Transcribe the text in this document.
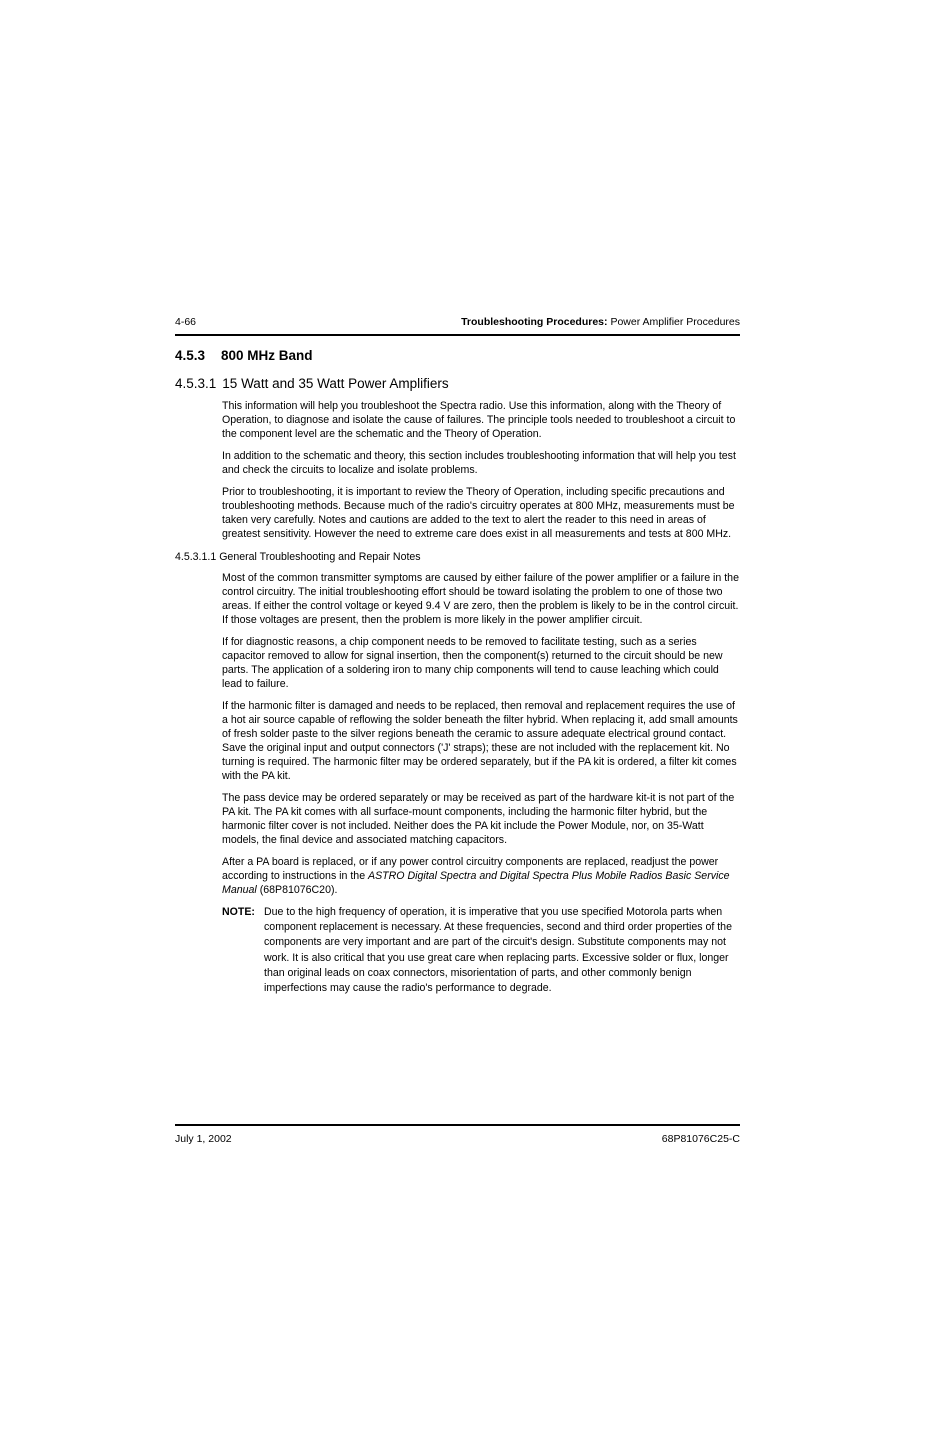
4-66	Troubleshooting Procedures: Power Amplifier Procedures
4.5.3 800 MHz Band
4.5.3.1 15 Watt and 35 Watt Power Amplifiers

This information will help you troubleshoot the Spectra radio. Use this information, along with the Theory of Operation, to diagnose and isolate the cause of failures. The principle tools needed to troubleshoot a circuit to the component level are the schematic and the Theory of Operation.

In addition to the schematic and theory, this section includes troubleshooting information that will help you test and check the circuits to localize and isolate problems.

Prior to troubleshooting, it is important to review the Theory of Operation, including specific precautions and troubleshooting methods. Because much of the radio's circuitry operates at 800 MHz, measurements must be taken very carefully. Notes and cautions are added to the text to alert the reader to this need in areas of greatest sensitivity. However the need to extreme care does exist in all measurements and tests at 800 MHz.

4.5.3.1.1 General Troubleshooting and Repair Notes

Most of the common transmitter symptoms are caused by either failure of the power amplifier or a failure in the control circuitry. The initial troubleshooting effort should be toward isolating the problem to one of those two areas. If either the control voltage or keyed 9.4 V are zero, then the problem is likely to be in the control circuit. If those voltages are present, then the problem is more likely in the power amplifier circuit.

If for diagnostic reasons, a chip component needs to be removed to facilitate testing, such as a series capacitor removed to allow for signal insertion, then the component(s) returned to the circuit should be new parts. The application of a soldering iron to many chip components will tend to cause leaching which could lead to failure.

If the harmonic filter is damaged and needs to be replaced, then removal and replacement requires the use of a hot air source capable of reflowing the solder beneath the filter hybrid. When replacing it, add small amounts of fresh solder paste to the silver regions beneath the ceramic to assure adequate electrical ground contact. Save the original input and output connectors ('J' straps); these are not included with the replacement kit. No turning is required. The harmonic filter may be ordered separately, but if the PA kit is ordered, a filter kit comes with the PA kit.

The pass device may be ordered separately or may be received as part of the hardware kit-it is not part of the PA kit. The PA kit comes with all surface-mount components, including the harmonic filter hybrid, but the harmonic filter cover is not included. Neither does the PA kit include the Power Module, nor, on 35-Watt models, the final device and associated matching capacitors.

After a PA board is replaced, or if any power control circuitry components are replaced, readjust the power according to instructions in the ASTRO Digital Spectra and Digital Spectra Plus Mobile Radios Basic Service Manual (68P81076C20).

NOTE: Due to the high frequency of operation, it is imperative that you use specified Motorola parts when component replacement is necessary. At these frequencies, second and third order properties of the components are very important and are part of the circuit's design. Substitute components may not work. It is also critical that you use great care when replacing parts. Excessive solder or flux, longer than original leads on coax connectors, misorientation of parts, and other commonly benign imperfections may cause the radio's performance to degrade.
July 1, 2002	68P81076C25-C
